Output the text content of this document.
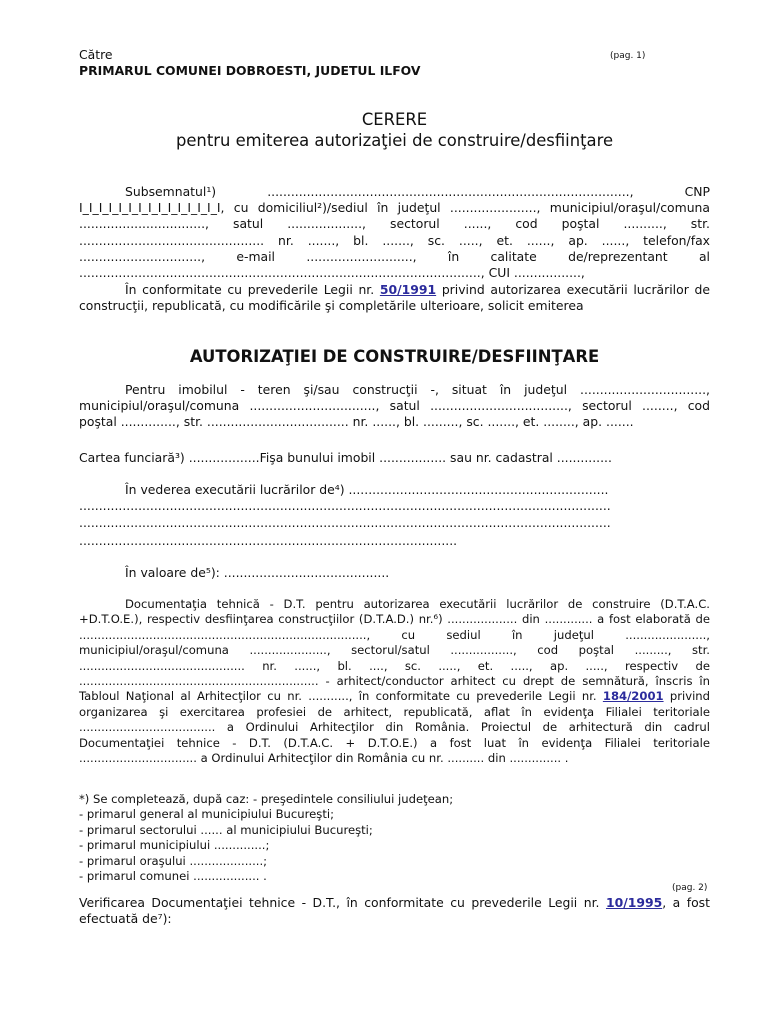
Către	(pag. 1)

PRIMARUL COMUNEI DOBROESTI, JUDETUL ILFOV

CERERE

pentru emiterea autorizaţiei de construire/desfiinţare

Subsemnatul¹) ............................................................................................, CNP I_I_I_I_I_I_I_I_I_I_I_I_I_I_I, cu domiciliul²)/sediul în judeţul ......................, municipiul/oraşul/comuna ................................, satul ..................., sectorul ......, cod poştal .........., str. ............................................... nr. ......., bl. ......., sc. ....., et. ......, ap. ......, telefon/fax ..............................., e-mail ..........................., în calitate de/reprezentant al ......................................................................................................, CUI .................,

În conformitate cu prevederile Legii nr. 50/1991 privind autorizarea executării lucrărilor de construcţii, republicată, cu modificările şi completările ulterioare, solicit emiterea

AUTORIZAŢIEI DE CONSTRUIRE/DESFIINŢARE

Pentru imobilul - teren şi/sau construcţii -, situat în judeţul ................................, municipiul/oraşul/comuna ................................, satul ..................................., sectorul ........, cod poştal .............., str. .................................... nr. ......, bl. ........., sc. ......., et. ........, ap. .......

Cartea funciară³) ..................Fişa bunului imobil ................. sau nr. cadastral ..............

În vederea executării lucrărilor de⁴) ..................................................................

.......................................................................................................................................

.......................................................................................................................................

................................................................................................

În valoare de⁵): ..........................................

Documentaţia tehnică - D.T. pentru autorizarea executării lucrărilor de construire (D.T.A.C. +D.T.O.E.), respectiv desfiinţarea construcţiilor (D.T.A.D.) nr.⁶) ................... din ............. a fost elaborată de .............................................................................., cu sediul în judeţul ......................, municipiul/oraşul/comuna ....................., sectorul/satul ................., cod poştal ........., str. ............................................. nr. ......, bl. ...., sc. ....., et. ....., ap. ....., respectiv de ................................................................. - arhitect/conductor arhitect cu drept de semnătură, înscris în Tabloul Naţional al Arhitecţilor cu nr. ..........., în conformitate cu prevederile Legii nr. 184/2001 privind organizarea şi exercitarea profesiei de arhitect, republicată, aflat în evidenţa Filialei teritoriale ..................................... a Ordinului Arhitecţilor din România. Proiectul de arhitectură din cadrul Documentaţiei tehnice - D.T. (D.T.A.C. + D.T.O.E.) a fost luat în evidenţa Filialei teritoriale ................................ a Ordinului Arhitecţilor din România cu nr. .......... din .............. .

*) Se completează, după caz: - preşedintele consiliului judeţean;
- primarul general al municipiului Bucureşti;
- primarul sectorului ...... al municipiului Bucureşti;
- primarul municipiului ..............;
- primarul oraşului ....................;
- primarul comunei .................. .
(pag. 2)

Verificarea Documentaţiei tehnice - D.T., în conformitate cu prevederile Legii nr. 10/1995, a fost efectuată de⁷):
